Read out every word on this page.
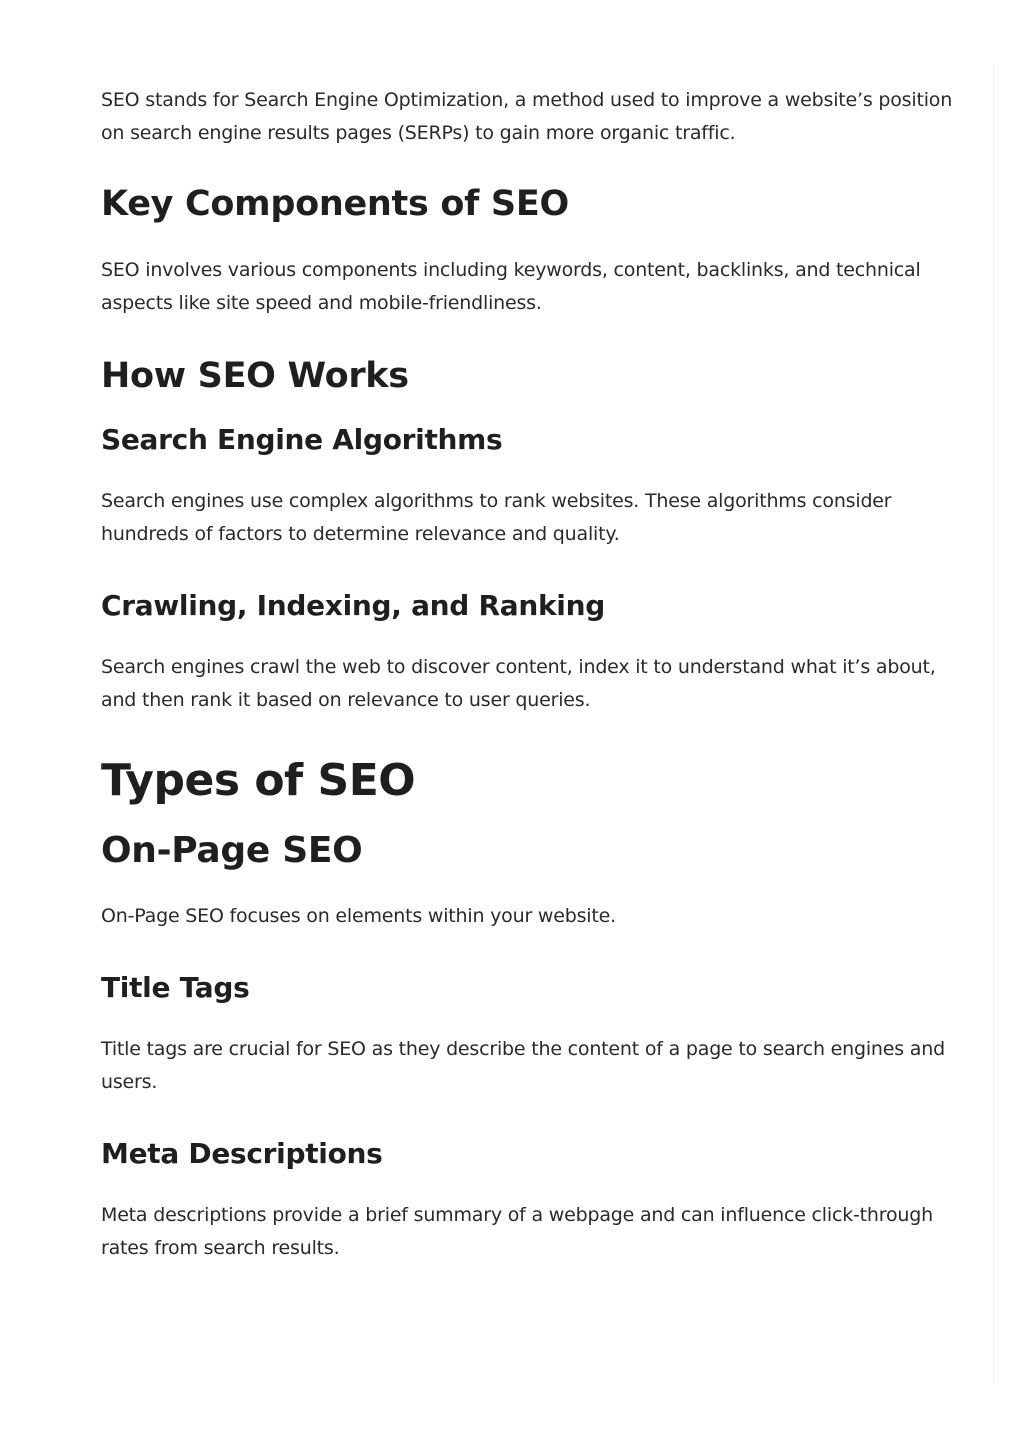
SEO stands for Search Engine Optimization, a method used to improve a website’s position on search engine results pages (SERPs) to gain more organic traffic.

Key Components of SEO

SEO involves various components including keywords, content, backlinks, and technical aspects like site speed and mobile-friendliness.

How SEO Works
Search Engine Algorithms

Search engines use complex algorithms to rank websites. These algorithms consider hundreds of factors to determine relevance and quality.

Crawling, Indexing, and Ranking

Search engines crawl the web to discover content, index it to understand what it’s about, and then rank it based on relevance to user queries.

Types of SEO
On-Page SEO

On-Page SEO focuses on elements within your website.

Title Tags

Title tags are crucial for SEO as they describe the content of a page to search engines and users.

Meta Descriptions

Meta descriptions provide a brief summary of a webpage and can influence click-through rates from search results.
